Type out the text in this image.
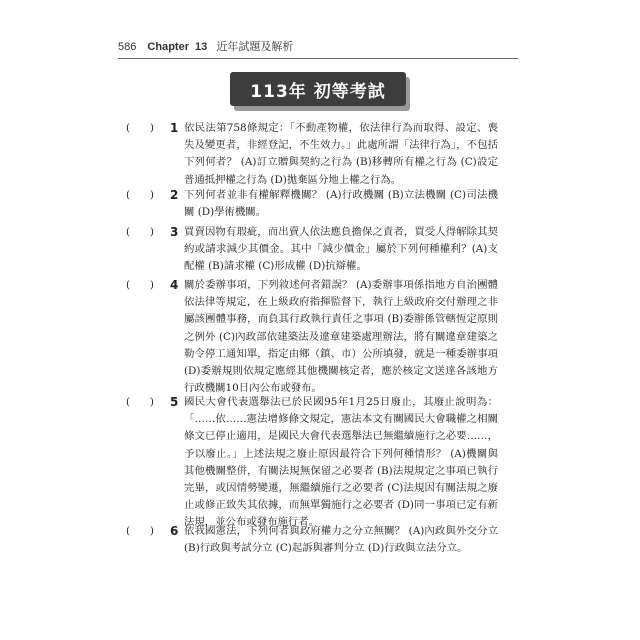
586 Chapter 13 近年試題及解析
113年 初等考試
(      ) 1 依民法第758條規定：「不動產物權，依法律行為而取得、設定、喪失及變更者，非經登記，不生效力。」此處所謂「法律行為」，不包括下列何者？ (A)訂立贈與契約之行為 (B)移轉所有權之行為 (C)設定普通抵押權之行為 (D)拋棄區分地上權之行為。
(      ) 2 下列何者並非有權解釋機關？ (A)行政機關 (B)立法機關 (C)司法機關 (D)學術機關。
(      ) 3 買賣因物有瑕疵，而出賣人依法應負擔保之責者，買受人得解除其契約或請求減少其價金。其中「減少價金」屬於下列何種權利？(A)支配權 (B)請求權 (C)形成權 (D)抗辯權。
(      ) 4 關於委辦事項，下列敘述何者錯誤？ (A)委辦事項係指地方自治團體依法律等規定，在上級政府指揮監督下，執行上級政府交付辦理之非屬該團體事務，而負其行政執行責任之事項 (B)委辦係管轄恆定原則之例外 (C)內政部依建築法及違章建築處理辦法，將有關違章建築之勒令停工通知單，指定由鄉（鎮、市）公所填發，就是一種委辦事項 (D)委辦規則依規定應經其他機關核定者，應於核定文送達各該地方行政機關10日內公布或發布。
(      ) 5 國民大會代表選舉法已於民國95年1月25日廢止，其廢止說明為：「……依……憲法增修條文規定，憲法本文有關國民大會職權之相關條文已停止適用，是國民大會代表選舉法已無繼續施行之必要……，予以廢止。」上述法規之廢止原因最符合下列何種情形？ (A)機關與其他機關整併，有關法規無保留之必要者 (B)法規規定之事項已執行完畢，或因情勢變遷，無繼續施行之必要者 (C)法規因有關法規之廢止或修正致失其依據，而無單獨施行之必要者 (D)同一事項已定有新法規，並公布或發布施行者。
(      ) 6 依我國憲法，下列何者與政府權力之分立無關？ (A)內政與外交分立 (B)行政與考試分立 (C)起訴與審判分立 (D)行政與立法分立。
